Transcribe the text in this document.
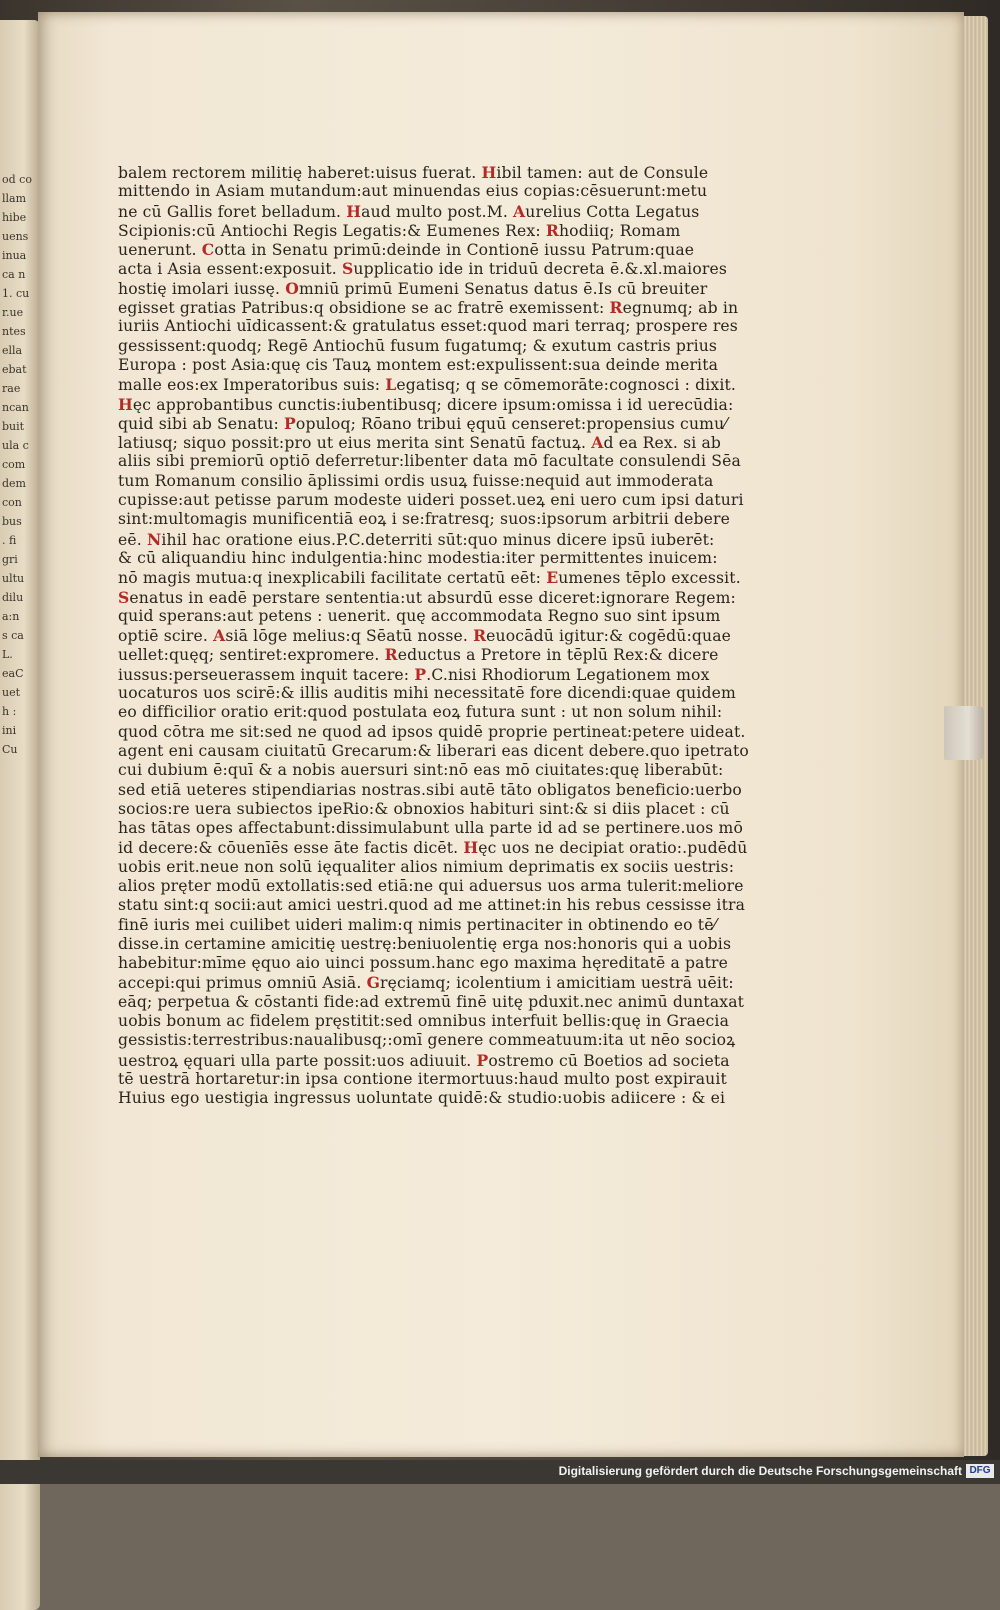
od co
llam
hibe
uens
inua
ca n
1. cu
r.ue
ntes
ella
ebat
rae
ncan
buit
ula c
com
dem
con
bus
. fi
gri
ultu
dilu
a:n
s ca
L.
eaC
uet
h :
ini
Cu
balem rectorem militię haberet:uisus fuerat. Hibil tamen: aut de Consule
mittendo in Asiam mutandum:aut minuendas eius copias:cēsuerunt:metu
ne cū Gallis foret belladum. Haud multo post.M. Aurelius Cotta Legatus
Scipionis:cū Antiochi Regis Legatis:& Eumenes Rex: Rhodiiq; Romam
uenerunt. Cotta in Senatu primū:deinde in Contionē iussu Patrum:quae
acta i Asia essent:exposuit. Supplicatio ide in triduū decreta ē.&.xl.maiores
hostię imolari iussę. Omniū primū Eumeni Senatus datus ē.Is cū breuiter
egisset gratias Patribus:q obsidione se ac fratrē exemissent: Regnumq; ab in
iuriis Antiochi uīdicassent:& gratulatus esset:quod mari terraq; prospere res
gessissent:quodq; Regē Antiochū fusum fugatumq; & exutum castris prius
Europa : post Asia:quę cis Tauꝝ montem est:expulissent:sua deinde merita
malle eos:ex Imperatoribus suis: Legatisq; q se cōmemorāte:cognosci : dixit.
Hęc approbantibus cunctis:iubentibusq; dicere ipsum:omissa i id uerecūdia:
quid sibi ab Senatu: Populoq; Rōano tribui ęquū censeret:propensius cumu⁄
latiusq; siquo possit:pro ut eius merita sint Senatū factuꝝ. Ad ea Rex. si ab
aliis sibi premiorū optiō deferretur:libenter data mō facultate consulendi Sēa
tum Romanum consilio āplissimi ordis usuꝝ fuisse:nequid aut immoderata
cupisse:aut petisse parum modeste uideri posset.ueꝝ eni uero cum ipsi daturi
sint:multomagis munificentiā eoꝝ i se:fratresq; suos:ipsorum arbitrii debere
eē. Nihil hac oratione eius.P.C.deterriti sūt:quo minus dicere ipsū iuberēt:
& cū aliquandiu hinc indulgentia:hinc modestia:iter permittentes inuicem:
nō magis mutua:q inexplicabili facilitate certatū eēt: Eumenes tēplo excessit.
Senatus in eadē perstare sententia:ut absurdū esse diceret:ignorare Regem:
quid sperans:aut petens : uenerit. quę accommodata Regno suo sint ipsum
optiē scire. Asiā lōge melius:q Sēatū nosse. Reuocādū igitur:& cogēdū:quae
uellet:quęq; sentiret:expromere. Reductus a Pretore in tēplū Rex:& dicere
iussus:perseuerassem inquit tacere: P.C.nisi Rhodiorum Legationem mox
uocaturos uos scirē:& illis auditis mihi necessitatē fore dicendi:quae quidem
eo difficilior oratio erit:quod postulata eoꝝ futura sunt : ut non solum nihil:
quod cōtra me sit:sed ne quod ad ipsos quidē proprie pertineat:petere uideat.
agent eni causam ciuitatū Grecarum:& liberari eas dicent debere.quo ipetrato
cui dubium ē:quī & a nobis auersuri sint:nō eas mō ciuitates:quę liberabūt:
sed etiā ueteres stipendiarias nostras.sibi autē tāto obligatos beneficio:uerbo
socios:re uera subiectos ipeRio:& obnoxios habituri sint:& si diis placet : cū
has tātas opes affectabunt:dissimulabunt ulla parte id ad se pertinere.uos mō
id decere:& cōuenīēs esse āte factis dicēt. Hęc uos ne decipiat oratio:.pudēdū
uobis erit.neue non solū ięqualiter alios nimium deprimatis ex sociis uestris:
alios pręter modū extollatis:sed etiā:ne qui aduersus uos arma tulerit:meliore
statu sint:q socii:aut amici uestri.quod ad me attinet:in his rebus cessisse itra
finē iuris mei cuilibet uideri malim:q nimis pertinaciter in obtinendo eo tē⁄
disse.in certamine amicitię uestrę:beniuolentię erga nos:honoris qui a uobis
habebitur:mīme ęquo aio uinci possum.hanc ego maxima hęreditatē a patre
accepi:qui primus omniū Asiā. Gręciamq; icolentium i amicitiam uestrā uēit:
eāq; perpetua & cōstanti fide:ad extremū finē uitę pduxit.nec animū duntaxat
uobis bonum ac fidelem pręstitit:sed omnibus interfuit bellis:quę in Graecia
gessistis:terrestribus:naualibusq;:omī genere commeatuum:ita ut nēo socioꝝ
uestroꝝ ęquari ulla parte possit:uos adiuuit. Postremo cū Boetios ad societa
tē uestrā hortaretur:in ipsa contione itermortuus:haud multo post expirauit
Huius ego uestigia ingressus uoluntate quidē:& studio:uobis adiicere : & ei
Digitalisierung gefördert durch die Deutsche Forschungsgemeinschaft DFG
